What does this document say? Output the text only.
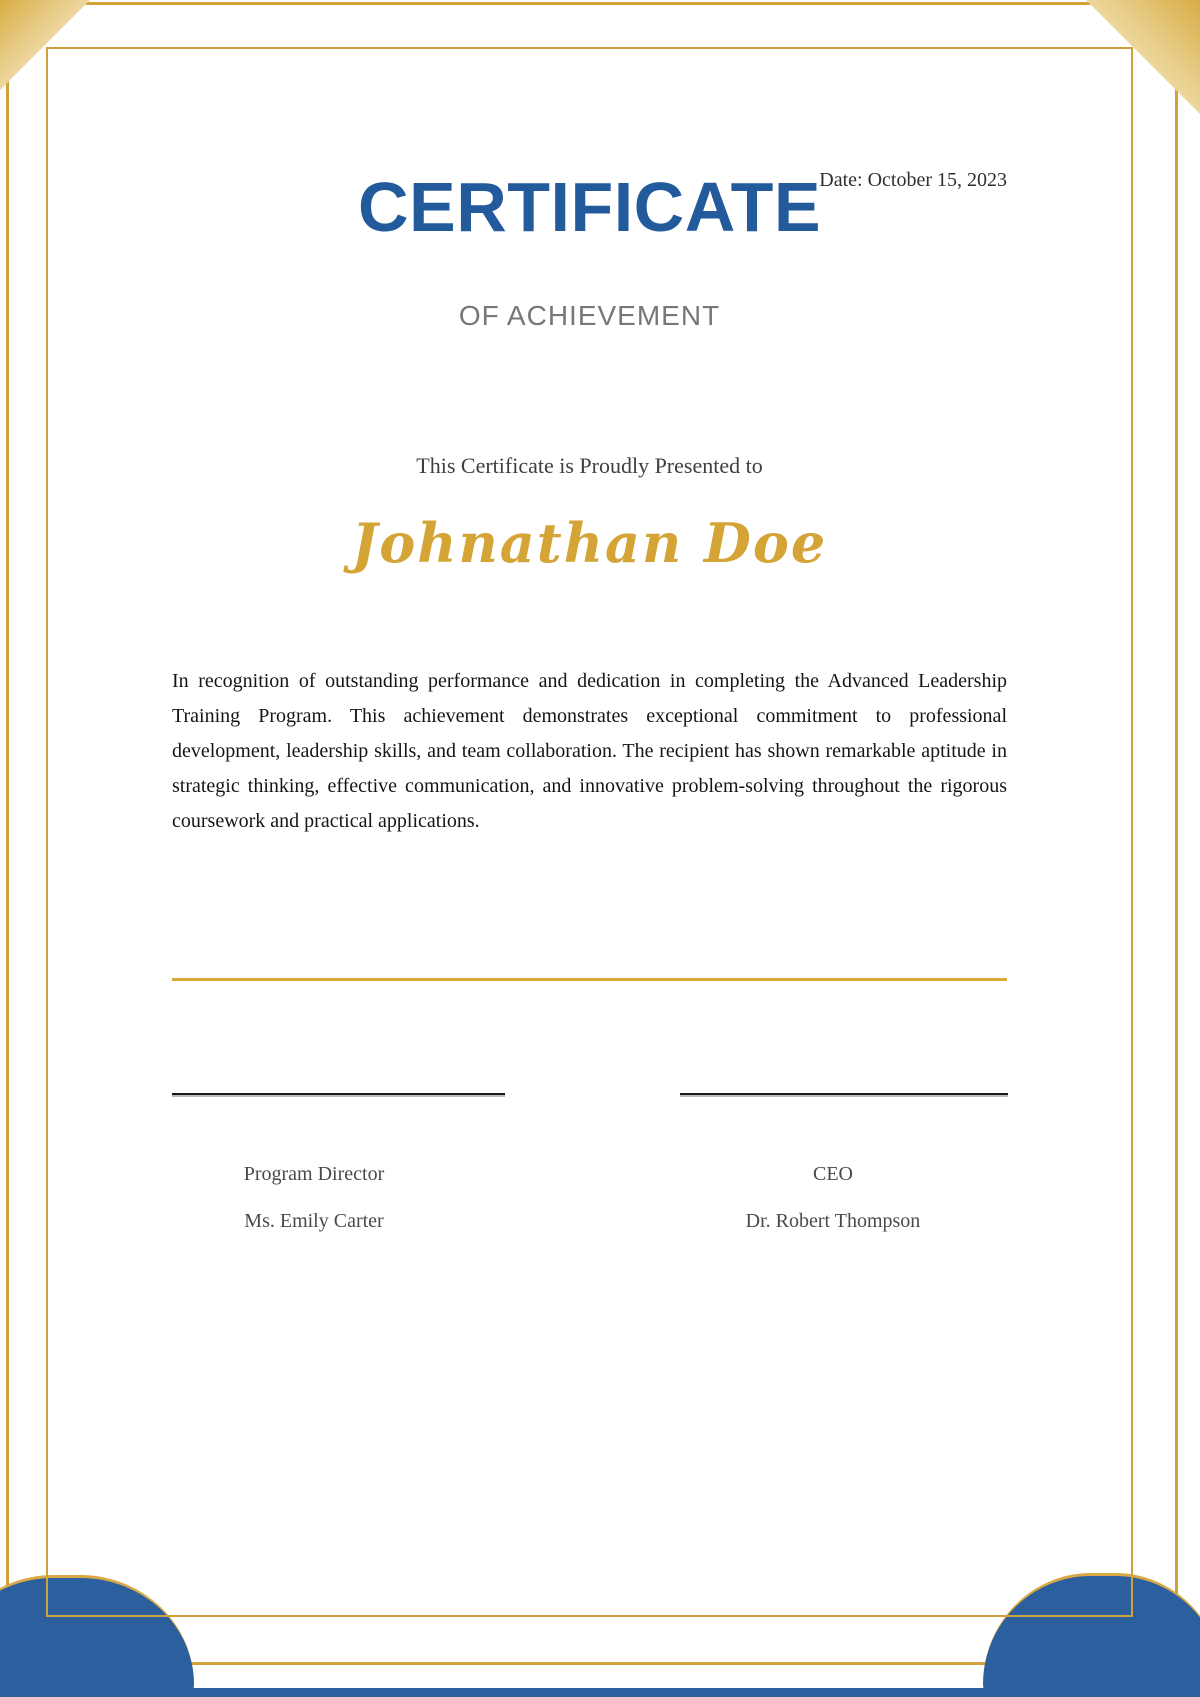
CERTIFICATE
Date: October 15, 2023
OF ACHIEVEMENT
This Certificate is Proudly Presented to
Johnathan Doe
In recognition of outstanding performance and dedication in completing the Advanced Leadership Training Program. This achievement demonstrates exceptional commitment to professional development, leadership skills, and team collaboration. The recipient has shown remarkable aptitude in strategic thinking, effective communication, and innovative problem-solving throughout the rigorous coursework and practical applications.
Program Director
Ms. Emily Carter
CEO
Dr. Robert Thompson
